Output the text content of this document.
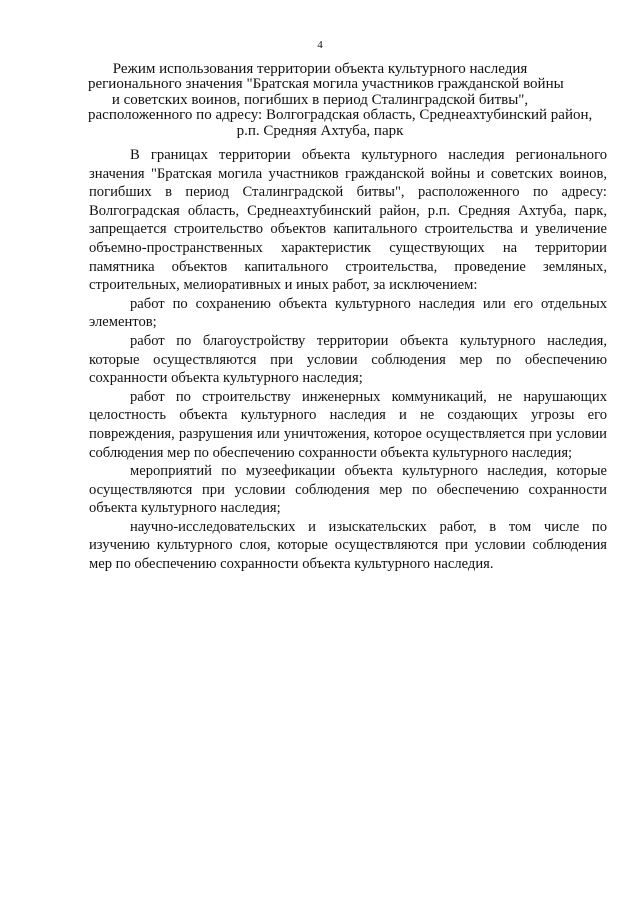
4
Режим использования территории объекта культурного наследия
регионального значения "Братская могила участников гражданской войны
и советских воинов, погибших в период Сталинградской битвы",
расположенного по адресу: Волгоградская область, Среднеахтубинский район,
р.п. Средняя Ахтуба, парк

В границах территории объекта культурного наследия регионального значения "Братская могила участников гражданской войны и советских воинов, погибших в период Сталинградской битвы", расположенного по адресу: Волгоградская область, Среднеахтубинский район, р.п. Средняя Ахтуба, парк, запрещается строительство объектов капитального строительства и увеличение объемно-пространственных характеристик существующих на территории памятника объектов капитального строительства, проведение земляных, строительных, мелиоративных и иных работ, за исключением:

работ по сохранению объекта культурного наследия или его отдельных элементов;

работ по благоустройству территории объекта культурного наследия, которые осуществляются при условии соблюдения мер по обеспечению сохранности объекта культурного наследия;

работ по строительству инженерных коммуникаций, не нарушающих целостность объекта культурного наследия и не создающих угрозы его повреждения, разрушения или уничтожения, которое осуществляется при условии соблюдения мер по обеспечению сохранности объекта культурного наследия;

мероприятий по музеефикации объекта культурного наследия, которые осуществляются при условии соблюдения мер по обеспечению сохранности объекта культурного наследия;

научно-исследовательских и изыскательских работ, в том числе по изучению культурного слоя, которые осуществляются при условии соблюдения мер по обеспечению сохранности объекта культурного наследия.
